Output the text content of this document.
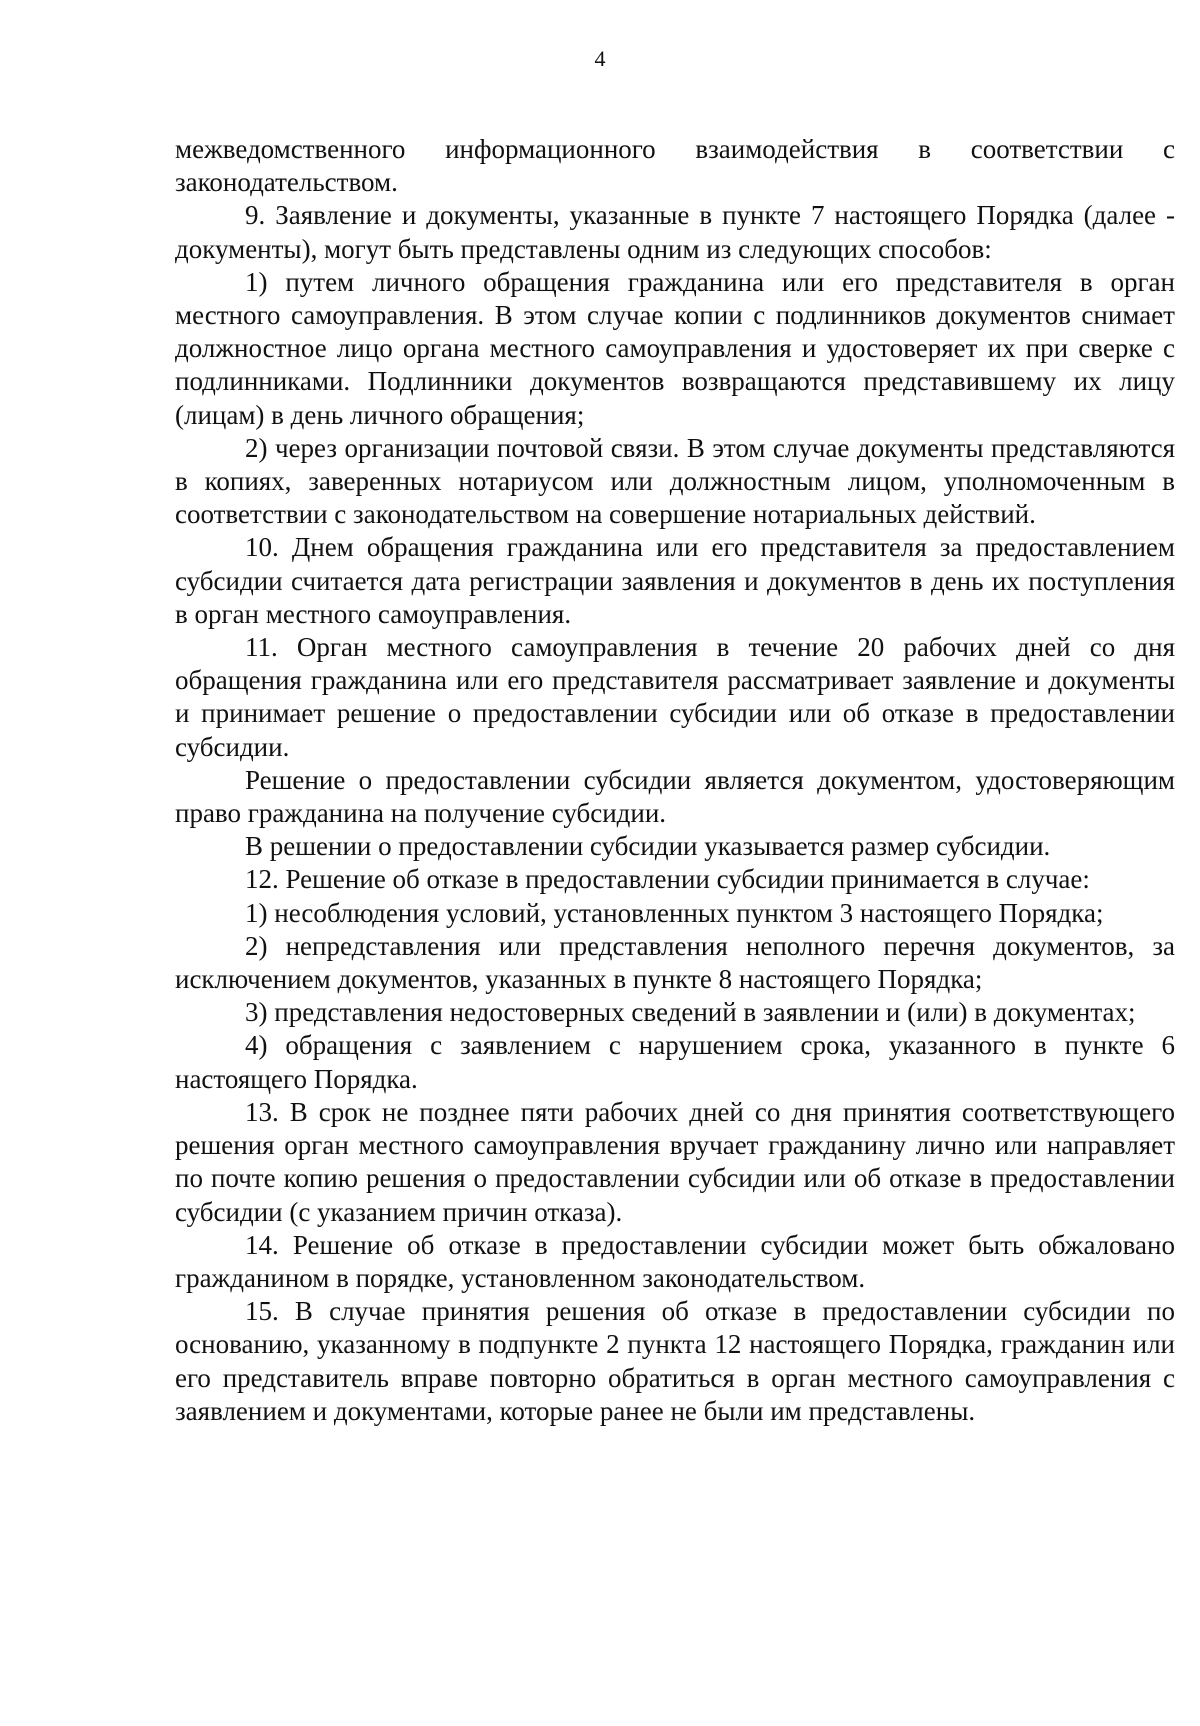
4

межведомственного информационного взаимодействия в соответствии с законодательством.

9. Заявление и документы, указанные в пункте 7 настоящего Порядка (далее - документы), могут быть представлены одним из следующих способов:

1) путем личного обращения гражданина или его представителя в орган местного самоуправления. В этом случае копии с подлинников документов снимает должностное лицо органа местного самоуправления и удостоверяет их при сверке с подлинниками. Подлинники документов возвращаются представившему их лицу (лицам) в день личного обращения;

2) через организации почтовой связи. В этом случае документы представляются в копиях, заверенных нотариусом или должностным лицом, уполномоченным в соответствии с законодательством на совершение нотариальных действий.

10. Днем обращения гражданина или его представителя за предоставлением субсидии считается дата регистрации заявления и документов в день их поступления в орган местного самоуправления.

11. Орган местного самоуправления в течение 20 рабочих дней со дня обращения гражданина или его представителя рассматривает заявление и документы и принимает решение о предоставлении субсидии или об отказе в предоставлении субсидии.

Решение о предоставлении субсидии является документом, удостоверяющим право гражданина на получение субсидии.

В решении о предоставлении субсидии указывается размер субсидии.

12. Решение об отказе в предоставлении субсидии принимается в случае:

1) несоблюдения условий, установленных пунктом 3 настоящего Порядка;

2) непредставления или представления неполного перечня документов, за исключением документов, указанных в пункте 8 настоящего Порядка;

3) представления недостоверных сведений в заявлении и (или) в документах;

4) обращения с заявлением с нарушением срока, указанного в пункте 6 настоящего Порядка.

13. В срок не позднее пяти рабочих дней со дня принятия соответствующего решения орган местного самоуправления вручает гражданину лично или направляет по почте копию решения о предоставлении субсидии или об отказе в предоставлении субсидии (с указанием причин отказа).

14. Решение об отказе в предоставлении субсидии может быть обжаловано гражданином в порядке, установленном законодательством.

15. В случае принятия решения об отказе в предоставлении субсидии по основанию, указанному в подпункте 2 пункта 12 настоящего Порядка, гражданин или его представитель вправе повторно обратиться в орган местного самоуправления с заявлением и документами, которые ранее не были им представлены.
